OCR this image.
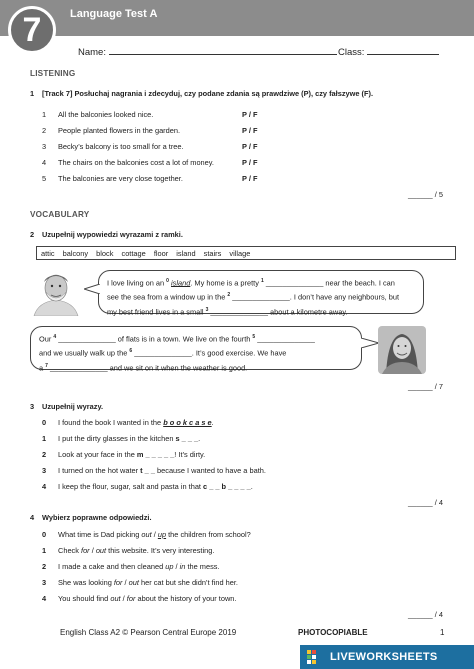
7	Language Test A
Name:	Class:
LISTENING
1 [Track 7] Posłuchaj nagrania i zdecyduj, czy podane zdania są prawdziwe (P), czy fałszywe (F).
1 All the balconies looked nice.	P / F
2 People planted flowers in the garden.	P / F
3 Becky’s balcony is too small for a tree.	P / F
4 The chairs on the balconies cost a lot of money.	P / F
5 The balconies are very close together.	P / F
______ / 5
VOCABULARY
2 Uzupełnij wypowiedzi wyrazami z ramki.
attic balcony block cottage floor island stairs village
I love living on an $^0$ island. My home is a pretty $^1$ ______________ near the beach. I can
see the sea from a window up in the $^2$ ______________. I don’t have any neighbours, but
my best friend lives in a small $^3$ ______________ about a kilometre away.
Our $^4$ ______________ of flats is in a town. We live on the fourth $^5$ ______________
and we usually walk up the $^6$ ______________. It’s good exercise. We have
a $^7$ ______________ and we sit on it when the weather is good.
______ / 7
3 Uzupełnij wyrazy.
0 I found the book I wanted in the b o o k c a s e.
1 I put the dirty glasses in the kitchen s _ _ _.
2 Look at your face in the m _ _ _ _ _! It’s dirty.
3 I turned on the hot water t _ _ because I wanted to have a bath.
4 I keep the flour, sugar, salt and pasta in that c _ _ b _ _ _ _.
______ / 4
4 Wybierz poprawne odpowiedzi.
0 What time is Dad picking out / up the children from school?
1 Check for / out this website. It’s very interesting.
2 I made a cake and then cleaned up / in the mess.
3 She was looking for / out her cat but she didn’t find her.
4 You should find out / for about the history of your town.
______ / 4
English Class A2 © Pearson Central Europe 2019	PHOTOCOPIABLE	1
LIVEWORKSHEETS
